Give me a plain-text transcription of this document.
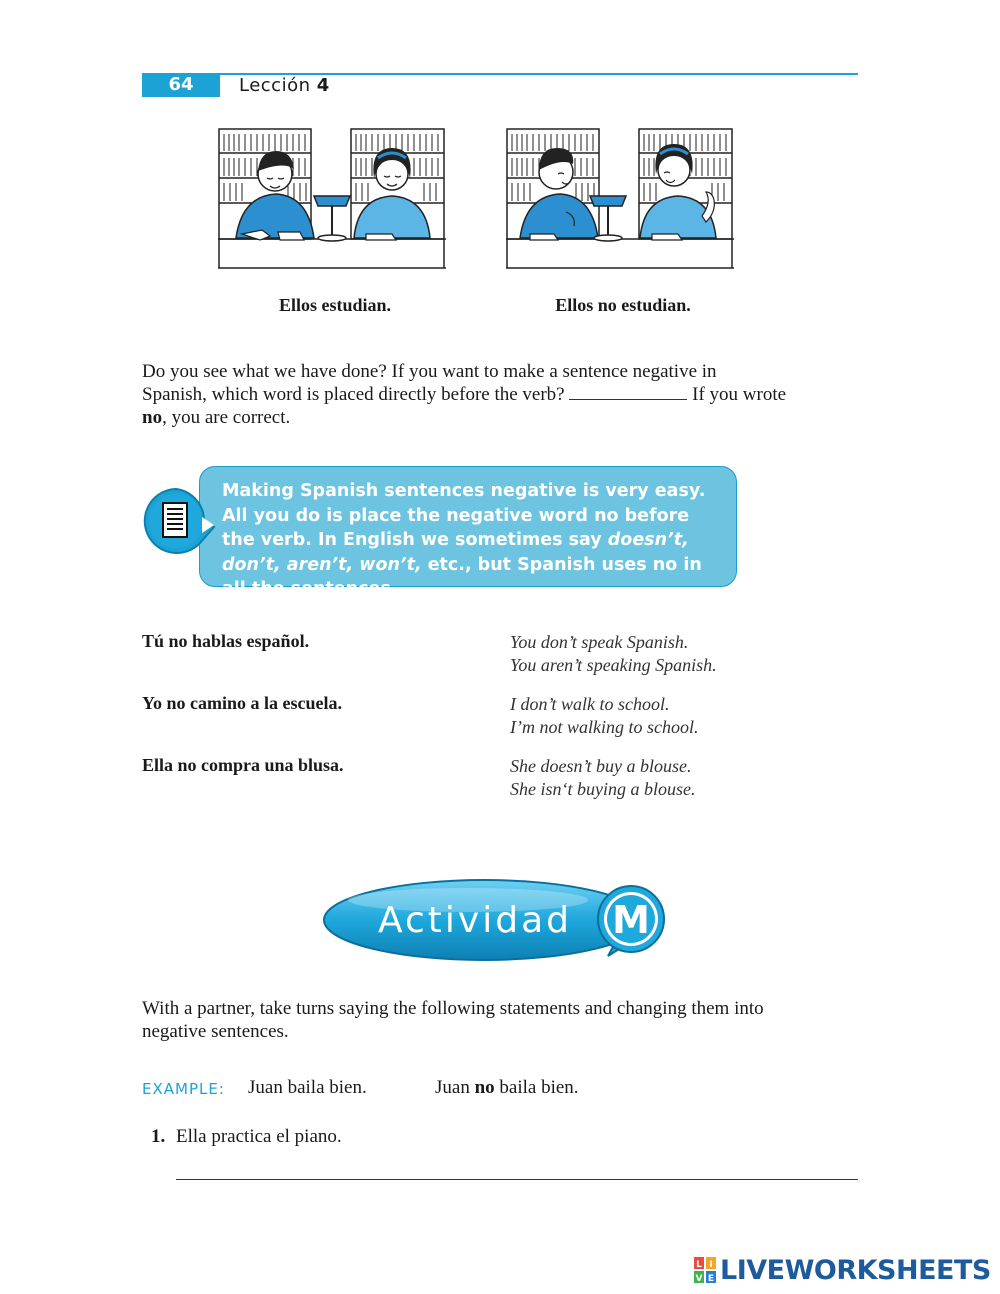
64	Lección 4
Ellos estudian.	Ellos no estudian.
Do you see what we have done? If you want to make a sentence negative in
Spanish, which word is placed directly before the verb?	If you wrote
no, you are correct.
Making Spanish sentences negative is very easy. All you do is place the negative word no before the verb. In English we sometimes say doesn’t, don’t, aren’t, won’t, etc., but Spanish uses no in all the sentences.
Tú no hablas español.	You don’t speak Spanish.
You aren’t speaking Spanish.
Yo no camino a la escuela.	I don’t walk to school.
I’m not walking to school.
Ella no compra una blusa.	She doesn’t buy a blouse.
She isn‘t buying a blouse.
Actividad M
With a partner, take turns saying the following statements and changing them into
negative sentences.
EXAMPLE: Juan baila bien.	Juan no baila bien.
1. Ella practica el piano.
L I
V E LIVEWORKSHEETS
